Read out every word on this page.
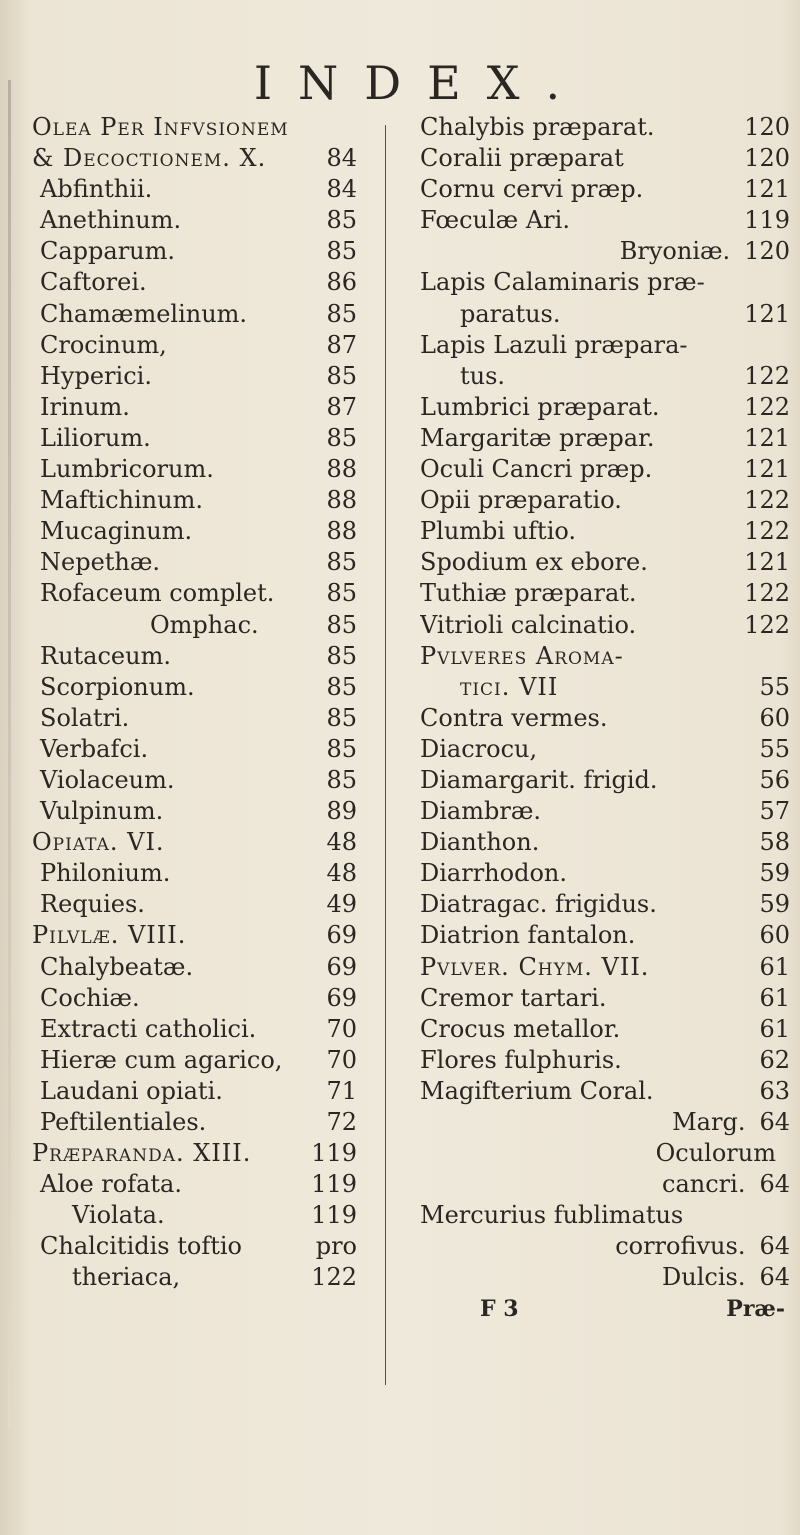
INDEX.
Olea Per Infvsionem
& Decoctionem. X.	84
Abfinthii.	84
Anethinum.	85
Capparum.	85
Caftorei.	86
Chamæmelinum.	85
Crocinum,	87
Hyperici.	85
Irinum.	87
Liliorum.	85
Lumbricorum.	88
Maftichinum.	88
Mucaginum.	88
Nepethæ.	85
Rofaceum complet. 85
Omphac.	85
Rutaceum.	85
Scorpionum.	85
Solatri.	85
Verbafci.	85
Violaceum.	85
Vulpinum.	89
Opiata. VI.	48
Philonium.	48
Requies.	49
Pilvlæ. VIII.	69
Chalybeatæ.	69
Cochiæ.	69
Extracti catholici.	70
Hieræ cum agarico, 70
Laudani opiati.	71
Peftilentiales.	72
Præparanda. XIII. 119
Aloe rofata.	119
Violata.	119
Chalcitidis toftio	pro
theriaca,	122
Chalybis præparat.	120
Coralii præparat	120
Cornu cervi præp.	121
Fœculæ Ari.	119
Bryoniæ. 120
Lapis Calaminaris præ-
paratus.	121
Lapis Lazuli præpara-
tus.	122
Lumbrici præparat.	122
Margaritæ præpar.	121
Oculi Cancri præp.	121
Opii præparatio.	122
Plumbi uftio.	122
Spodium ex ebore.	121
Tuthiæ præparat.	122
Vitrioli calcinatio.	122
Pvlveres Aroma-
tici. VII	55
Contra vermes.	60
Diacrocu,	55
Diamargarit. frigid.	56
Diambræ.	57
Dianthon.	58
Diarrhodon.	59
Diatragac. frigidus.	59
Diatrion fantalon.	60
Pvlver. Chym. VII.	61
Cremor tartari.	61
Crocus metallor.	61
Flores fulphuris.	62
Magifterium Coral.	63
Marg. 64
Oculorum
cancri. 64
Mercurius fublimatus
corrofivus. 64
Dulcis. 64
F 3	Præ-
